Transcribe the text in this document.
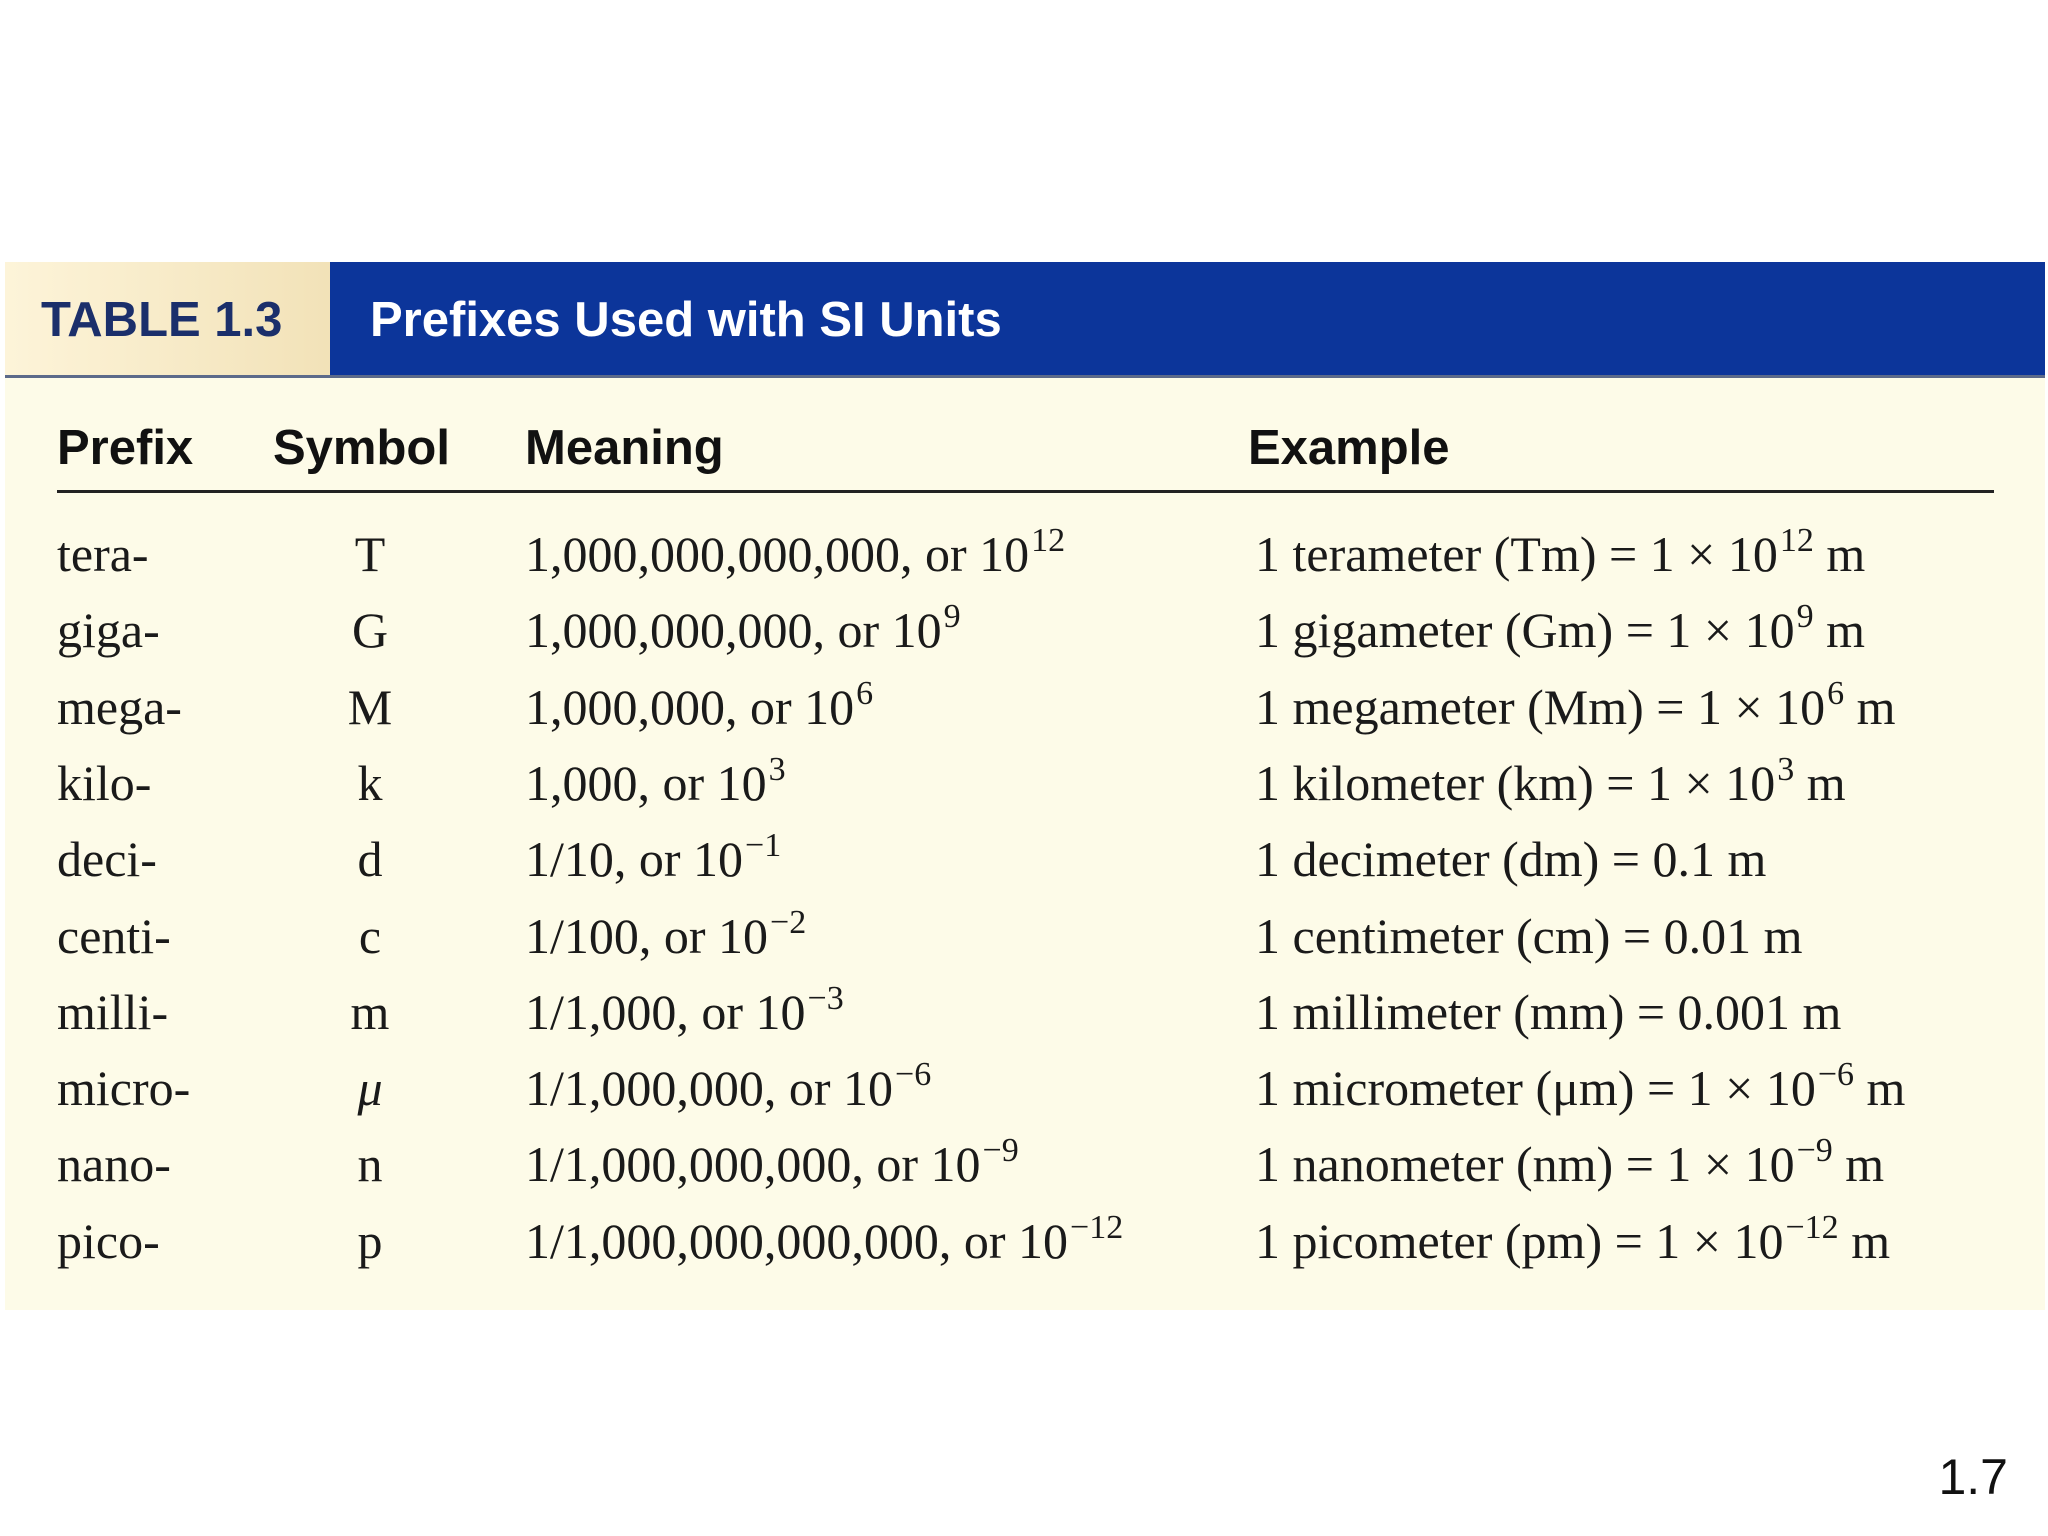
TABLE 1.3 Prefixes Used with SI Units
Prefix Symbol Meaning	Example
tera-	T	1,000,000,000,000, or $10^{12}$	1 terameter $(Tm) = 1 \times 10^{12}$ m
giga-	G	1,000,000,000, or $10^9$	1 gigameter $(Gm) = 1 \times 10^9$ m
mega-	M	1,000,000, or $10^6$	1 megameter $(Mm) = 1 \times 10^6$ m
kilo-	k	1,000, or $10^3$	1 kilometer $(km) = 1 \times 10^3$ m
deci-	d	1/10, or $10^{-1}$	1 decimeter (dm) = 0.1 m
centi-	c	1/100, or $10^{-2}$	1 centimeter (cm) = 0.01 m
milli-	m	1/1,000, or $10^{-3}$	1 millimeter (mm) = 0.001 m
micro-	μ	1/1,000,000, or $10^{-6}$	1 micrometer $(\mu m) = 1 \times 10^{-6}$ m
nano-	n	1/1,000,000,000, or $10^{-9}$	1 nanometer $(nm) = 1 \times 10^{-9}$ m
pico-	p	1/1,000,000,000,000, or $10^{-12}$	1 picometer $(pm) = 1 \times 10^{-12}$ m
1.7
